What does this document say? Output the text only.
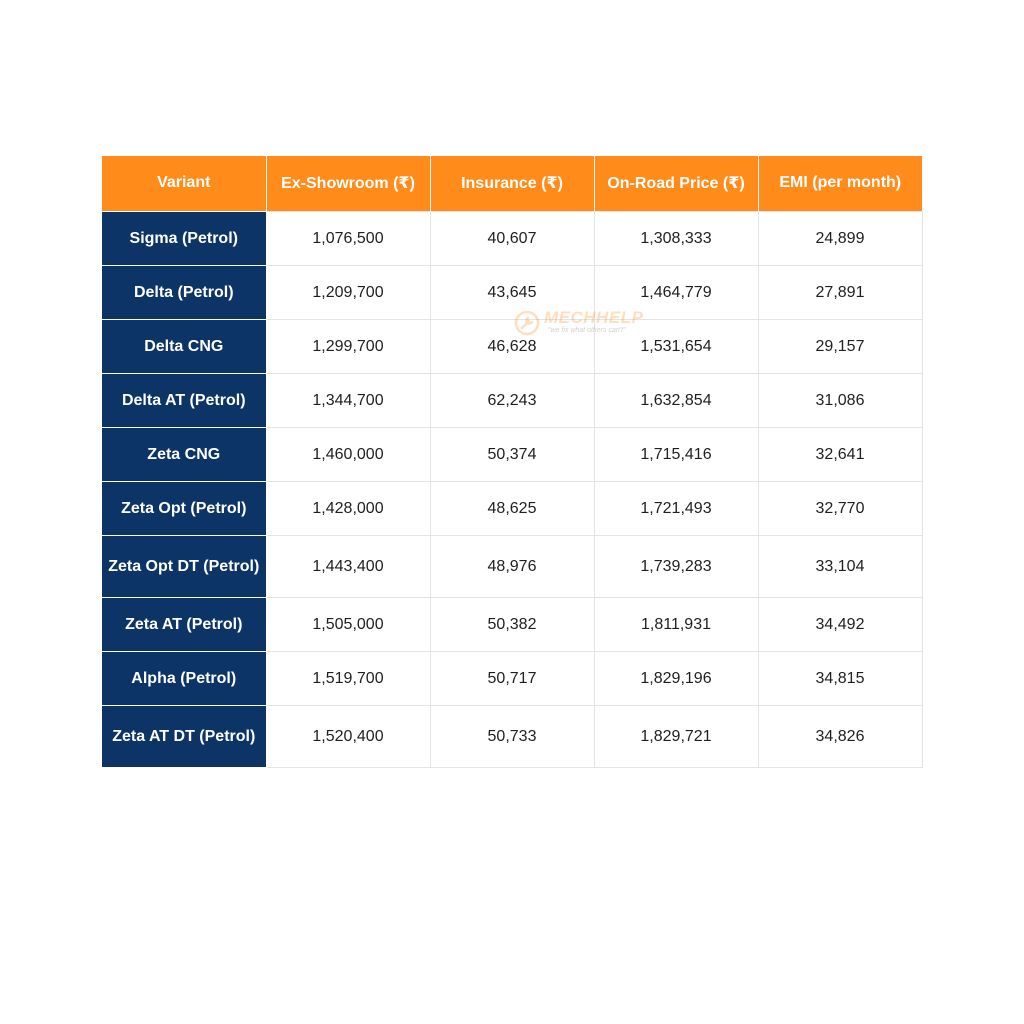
Variant	Ex-Showroom (₹)	Insurance (₹)	On-Road Price (₹)	EMI (per month)
Sigma (Petrol)	1,076,500	40,607	1,308,333	24,899
Delta (Petrol)	1,209,700	43,645	1,464,779	27,891
Delta CNG	1,299,700	46,628	1,531,654	29,157
Delta AT (Petrol)	1,344,700	62,243	1,632,854	31,086
Zeta CNG	1,460,000	50,374	1,715,416	32,641
Zeta Opt (Petrol)	1,428,000	48,625	1,721,493	32,770
Zeta Opt DT (Petrol)	1,443,400	48,976	1,739,283	33,104
Zeta AT (Petrol)	1,505,000	50,382	1,811,931	34,492
Alpha (Petrol)	1,519,700	50,717	1,829,196	34,815
Zeta AT DT (Petrol)	1,520,400	50,733	1,829,721	34,826
MECHHELP
"we fix what others can't"
